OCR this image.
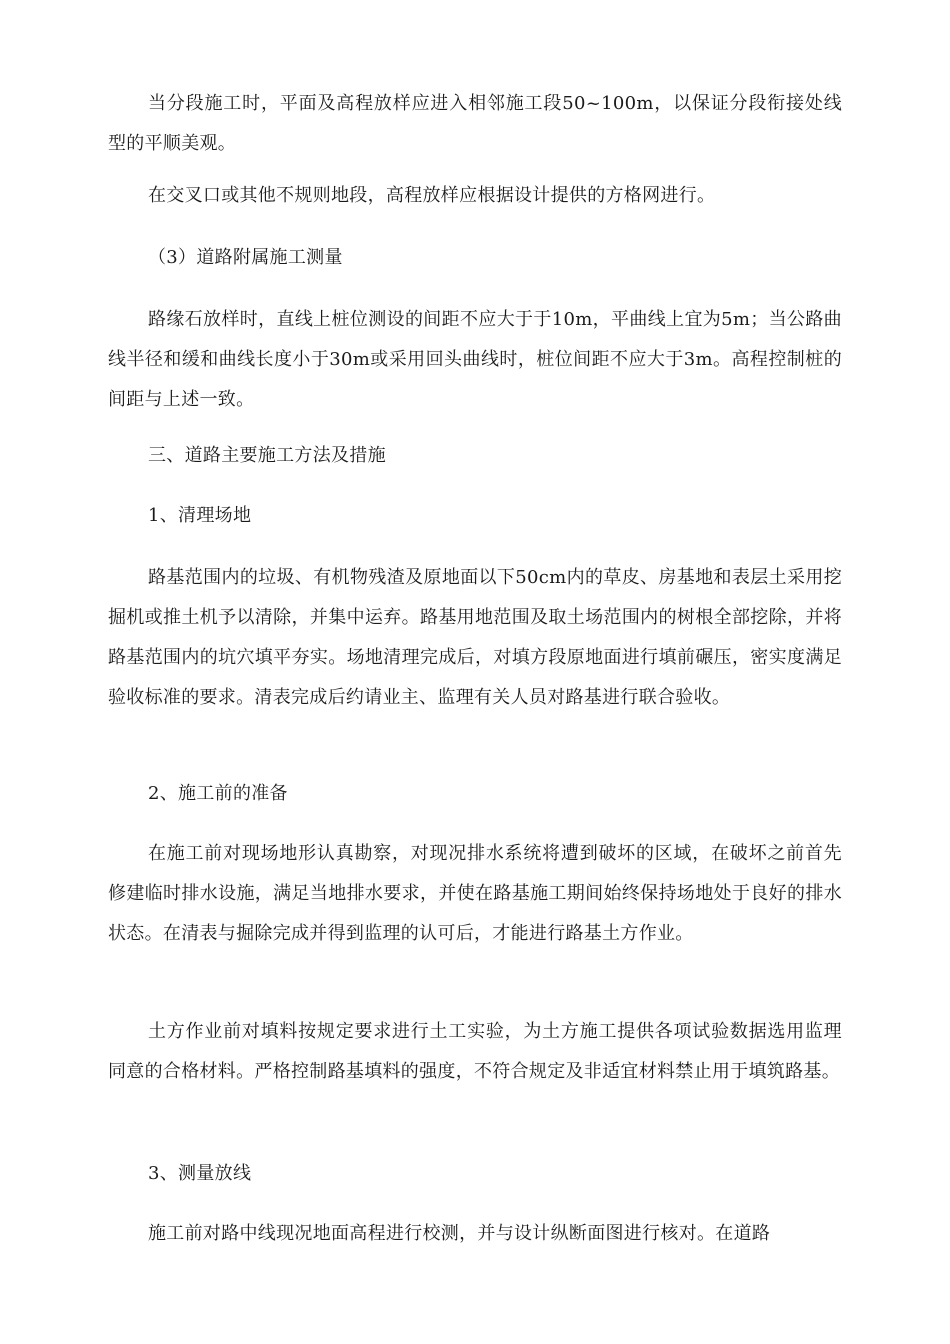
当分段施工时，平面及高程放样应进入相邻施工段50~100m，以保证分段衔接处线型的平顺美观。

在交叉口或其他不规则地段，高程放样应根据设计提供的方格网进行。

（3）道路附属施工测量

路缘石放样时，直线上桩位测设的间距不应大于于10m，平曲线上宜为5m；当公路曲线半径和缓和曲线长度小于30m或采用回头曲线时，桩位间距不应大于3m。高程控制桩的间距与上述一致。

三、道路主要施工方法及措施

1、清理场地

路基范围内的垃圾、有机物残渣及原地面以下50cm内的草皮、房基地和表层土采用挖掘机或推土机予以清除，并集中运弃。路基用地范围及取土场范围内的树根全部挖除，并将路基范围内的坑穴填平夯实。场地清理完成后，对填方段原地面进行填前碾压，密实度满足验收标准的要求。清表完成后约请业主、监理有关人员对路基进行联合验收。

2、施工前的准备

在施工前对现场地形认真勘察，对现况排水系统将遭到破坏的区域，在破坏之前首先修建临时排水设施，满足当地排水要求，并使在路基施工期间始终保持场地处于良好的排水状态。在清表与掘除完成并得到监理的认可后，才能进行路基土方作业。

土方作业前对填料按规定要求进行土工实验，为土方施工提供各项试验数据选用监理同意的合格材料。严格控制路基填料的强度，不符合规定及非适宜材料禁止用于填筑路基。

3、测量放线

施工前对路中线现况地面高程进行校测，并与设计纵断面图进行核对。在道路
